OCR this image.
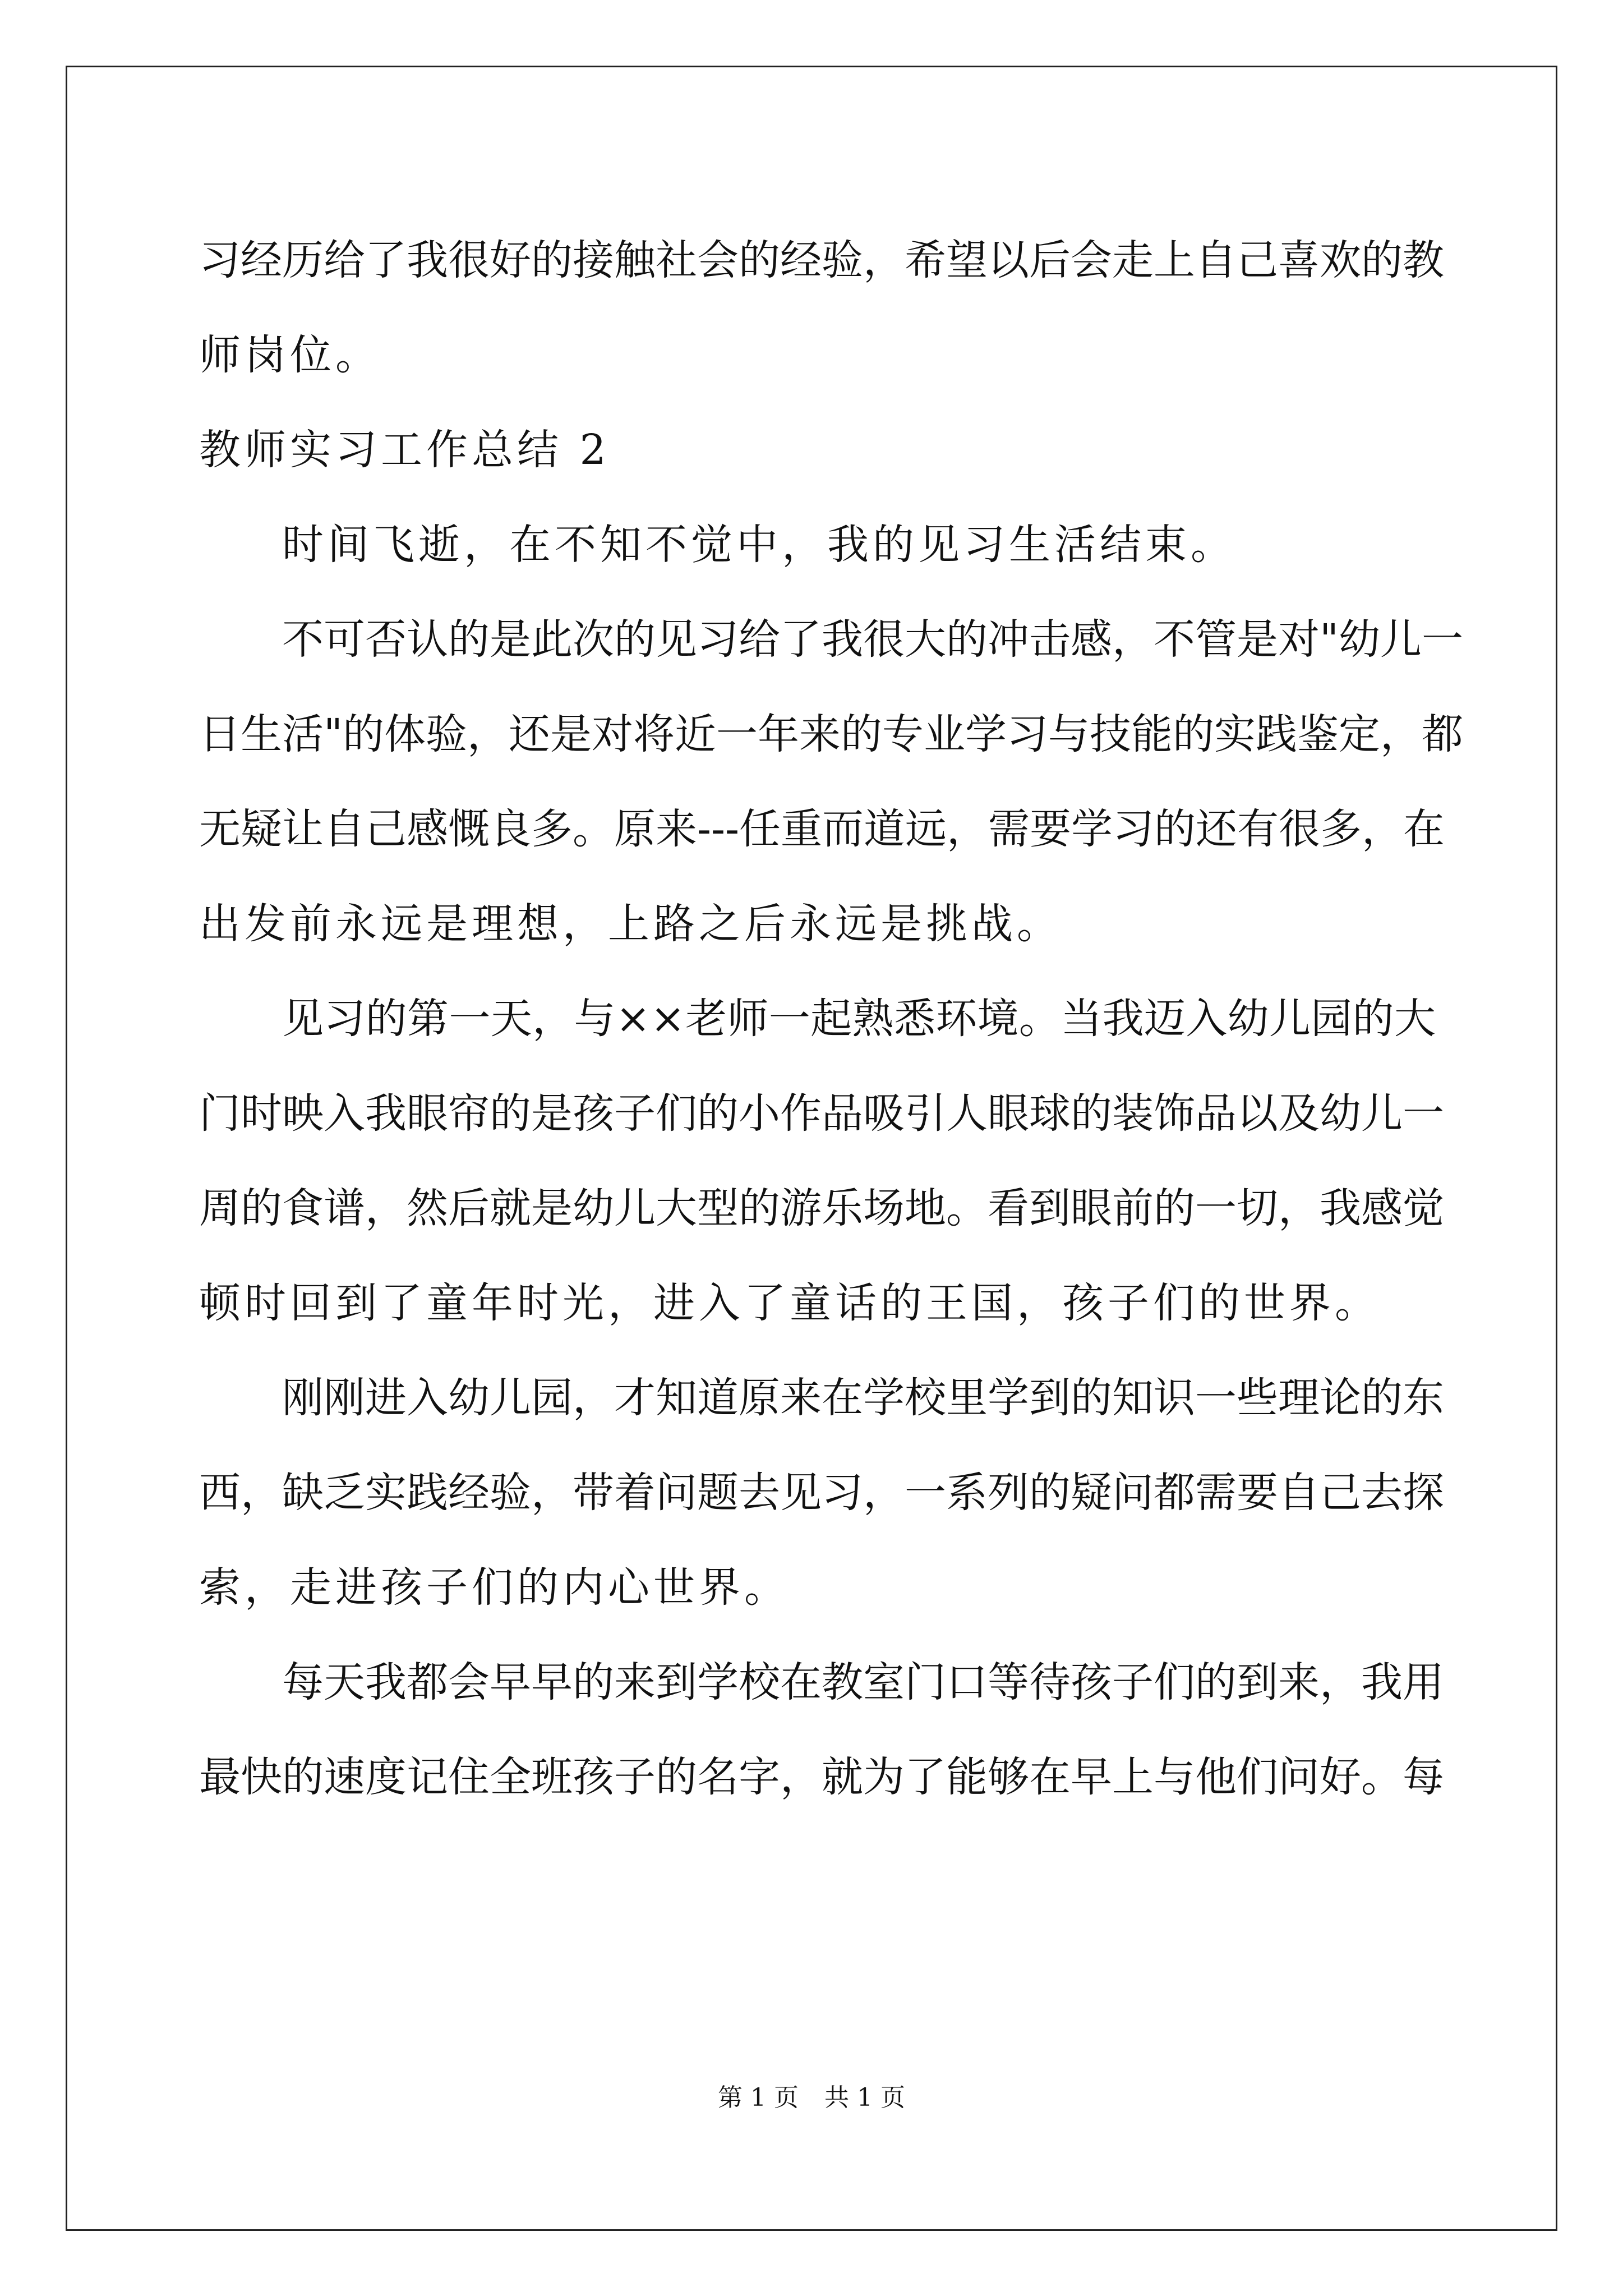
习经历给了我很好的接触社会的经验，希望以后会走上自己喜欢的教
师岗位。
教师实习工作总结 2
时间飞逝，在不知不觉中，我的见习生活结束。
不可否认的是此次的见习给了我很大的冲击感，不管是对"幼儿一
日生活"的体验，还是对将近一年来的专业学习与技能的实践鉴定，都
无疑让自己感慨良多。原来---任重而道远，需要学习的还有很多，在
出发前永远是理想，上路之后永远是挑战。
见习的第一天，与××老师一起熟悉环境。当我迈入幼儿园的大
门时映入我眼帘的是孩子们的小作品吸引人眼球的装饰品以及幼儿一
周的食谱，然后就是幼儿大型的游乐场地。看到眼前的一切，我感觉
顿时回到了童年时光，进入了童话的王国，孩子们的世界。
刚刚进入幼儿园，才知道原来在学校里学到的知识一些理论的东
西，缺乏实践经验，带着问题去见习，一系列的疑问都需要自己去探
索，走进孩子们的内心世界。
每天我都会早早的来到学校在教室门口等待孩子们的到来，我用
最快的速度记住全班孩子的名字，就为了能够在早上与他们问好。每
第 1 页 共 1 页
